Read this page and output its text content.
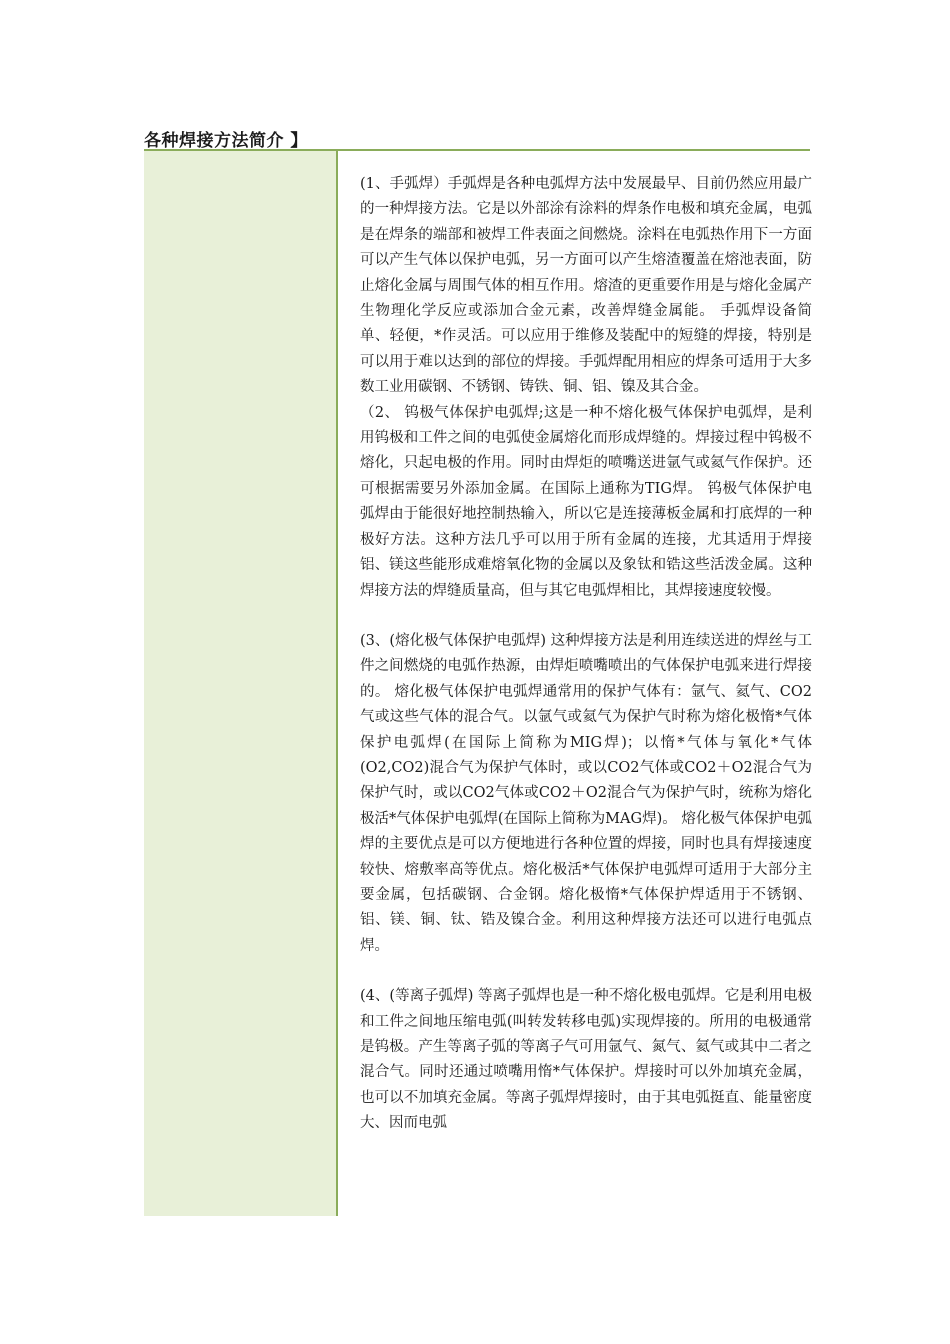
各种焊接方法简介 】

(1、手弧焊）手弧焊是各种电弧焊方法中发展最早、目前仍然应用最广的一种焊接方法。它是以外部涂有涂料的焊条作电极和填充金属，电弧是在焊条的端部和被焊工件表面之间燃烧。涂料在电弧热作用下一方面可以产生气体以保护电弧，另一方面可以产生熔渣覆盖在熔池表面，防止熔化金属与周围气体的相互作用。熔渣的更重要作用是与熔化金属产生物理化学反应或添加合金元素，改善焊缝金属能。 手弧焊设备简单、轻便，*作灵活。可以应用于维修及装配中的短缝的焊接，特别是可以用于难以达到的部位的焊接。手弧焊配用相应的焊条可适用于大多数工业用碳钢、不锈钢、铸铁、铜、铝、镍及其合金。

（2、 钨极气体保护电弧焊;这是一种不熔化极气体保护电弧焊，是利用钨极和工件之间的电弧使金属熔化而形成焊缝的。焊接过程中钨极不熔化，只起电极的作用。同时由焊炬的喷嘴送进氩气或氦气作保护。还可根据需要另外添加金属。在国际上通称为TIG焊。 钨极气体保护电弧焊由于能很好地控制热输入，所以它是连接薄板金属和打底焊的一种极好方法。这种方法几乎可以用于所有金属的连接，尤其适用于焊接铝、镁这些能形成难熔氧化物的金属以及象钛和锆这些活泼金属。这种焊接方法的焊缝质量高，但与其它电弧焊相比，其焊接速度较慢。

(3、(熔化极气体保护电弧焊) 这种焊接方法是利用连续送进的焊丝与工件之间燃烧的电弧作热源，由焊炬喷嘴喷出的气体保护电弧来进行焊接的。 熔化极气体保护电弧焊通常用的保护气体有：氩气、氦气、CO2气或这些气体的混合气。以氩气或氦气为保护气时称为熔化极惰*气体保护电弧焊(在国际上简称为MIG焊)；以惰*气体与氧化*气体(O2,CO2)混合气为保护气体时，或以CO2气体或CO2＋O2混合气为保护气时，或以CO2气体或CO2＋O2混合气为保护气时，统称为熔化极活*气体保护电弧焊(在国际上简称为MAG焊)。 熔化极气体保护电弧焊的主要优点是可以方便地进行各种位置的焊接，同时也具有焊接速度较快、熔敷率高等优点。熔化极活*气体保护电弧焊可适用于大部分主要金属，包括碳钢、合金钢。熔化极惰*气体保护焊适用于不锈钢、铝、镁、铜、钛、锆及镍合金。利用这种焊接方法还可以进行电弧点焊。

(4、(等离子弧焊) 等离子弧焊也是一种不熔化极电弧焊。它是利用电极和工件之间地压缩电弧(叫转发转移电弧)实现焊接的。所用的电极通常是钨极。产生等离子弧的等离子气可用氩气、氮气、氦气或其中二者之混合气。同时还通过喷嘴用惰*气体保护。焊接时可以外加填充金属，也可以不加填充金属。等离子弧焊焊接时，由于其电弧挺直、能量密度大、因而电弧
